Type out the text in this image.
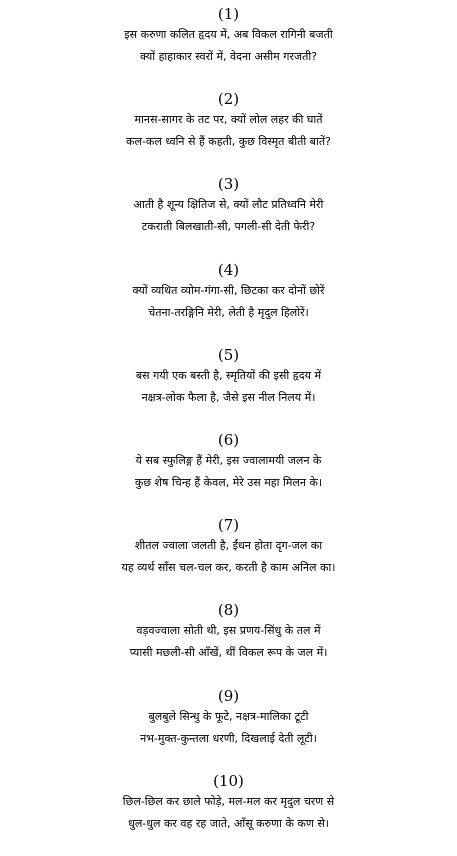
(1)
इस करुणा कलित हृदय में, अब विकल रागिनी बजती
क्यों हाहाकार स्वरों में, वेदना असीम गरजती?
(2)
मानस-सागर के तट पर, क्यों लोल लहर की घातें
कल-कल ध्वनि से हैं कहती, कुछ विस्मृत बीती बातें?
(3)
आती है शून्य क्षितिज से, क्यों लौट प्रतिध्वनि मेरी
टकराती बिलखाती-सी, पगली-सी देती फेरी?
(4)
क्यों व्यथित व्योम-गंगा-सी, छिटका कर दोनों छोरें
चेतना-तरङ्गिनि मेरी, लेती है मृदुल हिलोरें।
(5)
बस गयी एक बस्ती है, स्मृतियों की इसी हृदय में
नक्षत्र-लोक फैला है, जैसे इस नील निलय में।
(6)
ये सब स्फुलिङ्ग हैं मेरी, इस ज्वालामयी जलन के
कुछ शेष चिन्ह हैं केवल, मेरे उस महा मिलन के।
(7)
शीतल ज्वाला जलती है, ईंधन होता दृग-जल का
यह व्यर्थ साँस चल-चल कर, करती है काम अनिल का।
(8)
वड़वज्वाला सोती थी, इस प्रणय-सिंधु के तल में
प्यासी मछली-सी आँखें, थीं विकल रूप के जल में।
(9)
बुलबुले सिन्धु के फूटे, नक्षत्र-मालिका टूटी
नभ-मुक्त-कुन्तला धरणी, दिखलाई देती लूटी।
(10)
छिल-छिल कर छाले फोड़े, मल-मल कर मृदुल चरण से
धुल-धुल कर वह रह जाते, आँसू करुणा के कण से।
